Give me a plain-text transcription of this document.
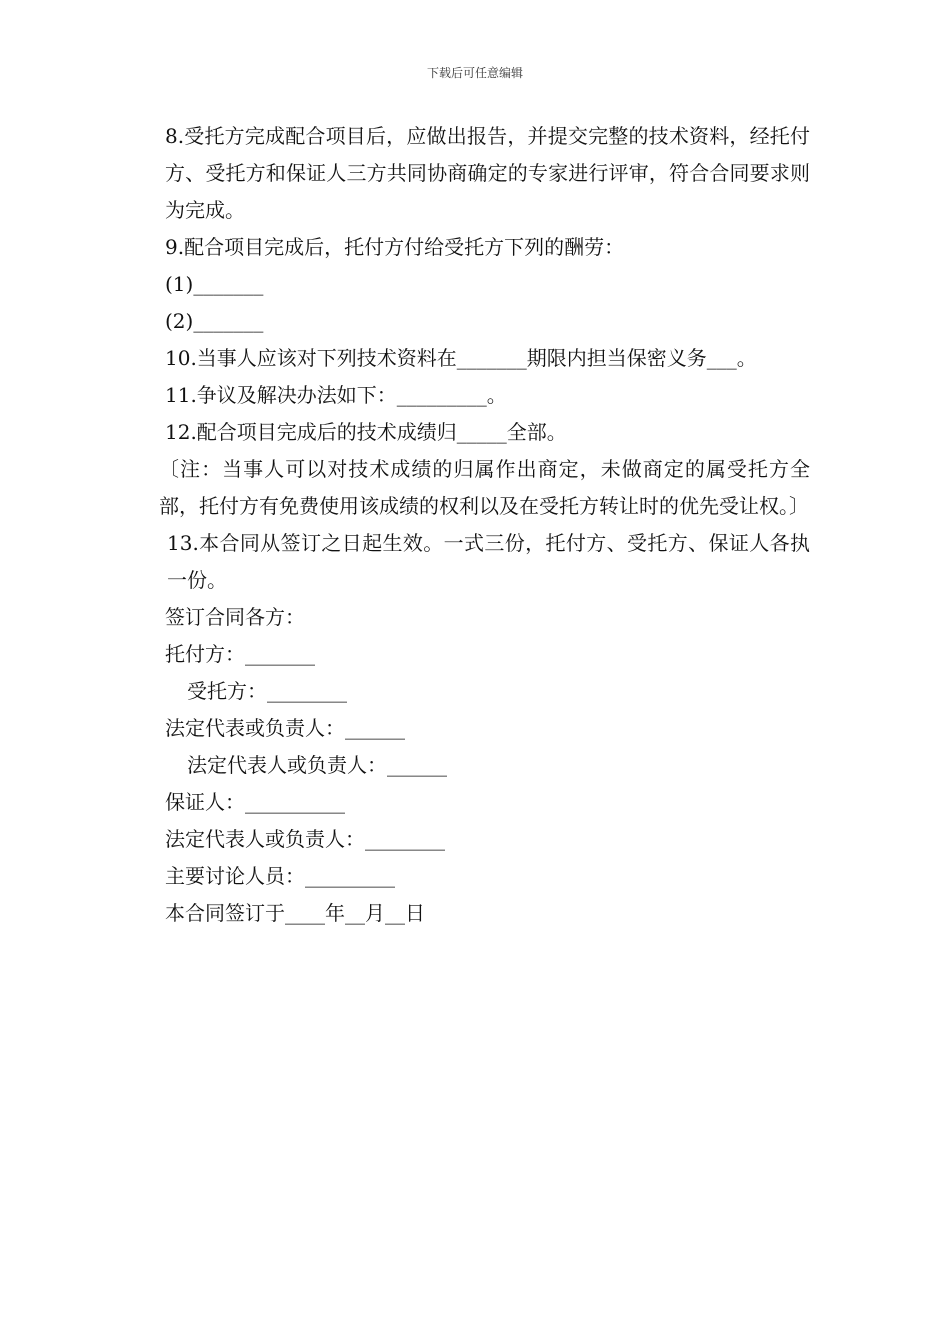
下载后可任意编辑

8.受托方完成配合项目后，应做出报告，并提交完整的技术资料，经托付方、受托方和保证人三方共同协商确定的专家进行评审，符合合同要求则为完成。

9.配合项目完成后，托付方付给受托方下列的酬劳：

(1)_______

(2)_______

10.当事人应该对下列技术资料在_______期限内担当保密义务___。

11.争议及解决办法如下：_________。

12.配合项目完成后的技术成绩归_____全部。

〔注：当事人可以对技术成绩的归属作出商定，未做商定的属受托方全部，托付方有免费使用该成绩的权利以及在受托方转让时的优先受让权。〕

13.本合同从签订之日起生效。一式三份，托付方、受托方、保证人各执一份。

签订合同各方：

托付方：_______

受托方：________

法定代表或负责人：______

法定代表人或负责人：______

保证人：__________

法定代表人或负责人：________

主要讨论人员：_________

本合同签订于____年__月__日
